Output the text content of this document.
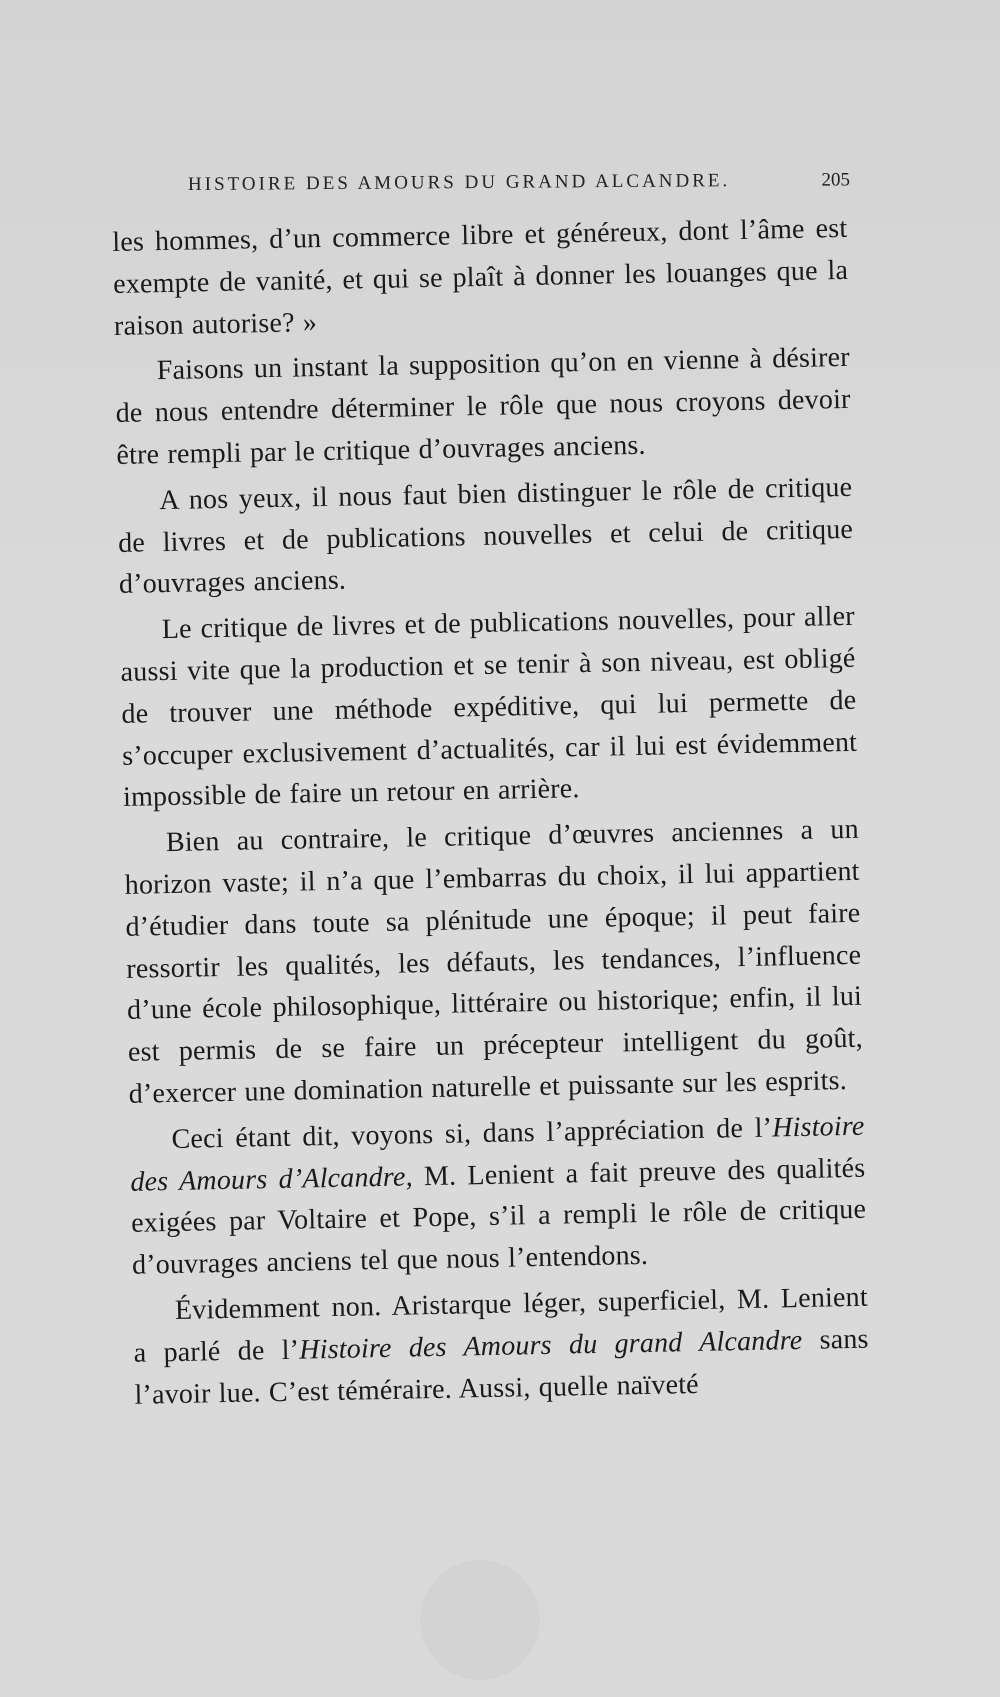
HISTOIRE DES AMOURS DU GRAND ALCANDRE.	205

les hommes, d’un commerce libre et généreux, dont l’âme est exempte de vanité, et qui se plaît à donner les louanges que la raison autorise? »

Faisons un instant la supposition qu’on en vienne à désirer de nous entendre déterminer le rôle que nous croyons devoir être rempli par le critique d’ouvrages anciens.

A nos yeux, il nous faut bien distinguer le rôle de critique de livres et de publications nouvelles et celui de critique d’ouvrages anciens.

Le critique de livres et de publications nouvelles, pour aller aussi vite que la production et se tenir à son niveau, est obligé de trouver une méthode expéditive, qui lui permette de s’occuper exclusivement d’actualités, car il lui est évidemment impossible de faire un retour en arrière.

Bien au contraire, le critique d’œuvres anciennes a un horizon vaste; il n’a que l’embarras du choix, il lui appartient d’étudier dans toute sa plénitude une époque; il peut faire ressortir les qualités, les défauts, les tendances, l’influence d’une école philosophique, littéraire ou historique; enfin, il lui est permis de se faire un précepteur intelligent du goût, d’exercer une domination naturelle et puissante sur les esprits.

Ceci étant dit, voyons si, dans l’appréciation de l’Histoire des Amours d’Alcandre, M. Lenient a fait preuve des qualités exigées par Voltaire et Pope, s’il a rempli le rôle de critique d’ouvrages anciens tel que nous l’entendons.

Évidemment non. Aristarque léger, superficiel, M. Lenient a parlé de l’Histoire des Amours du grand Alcandre sans l’avoir lue. C’est téméraire. Aussi, quelle naïveté
